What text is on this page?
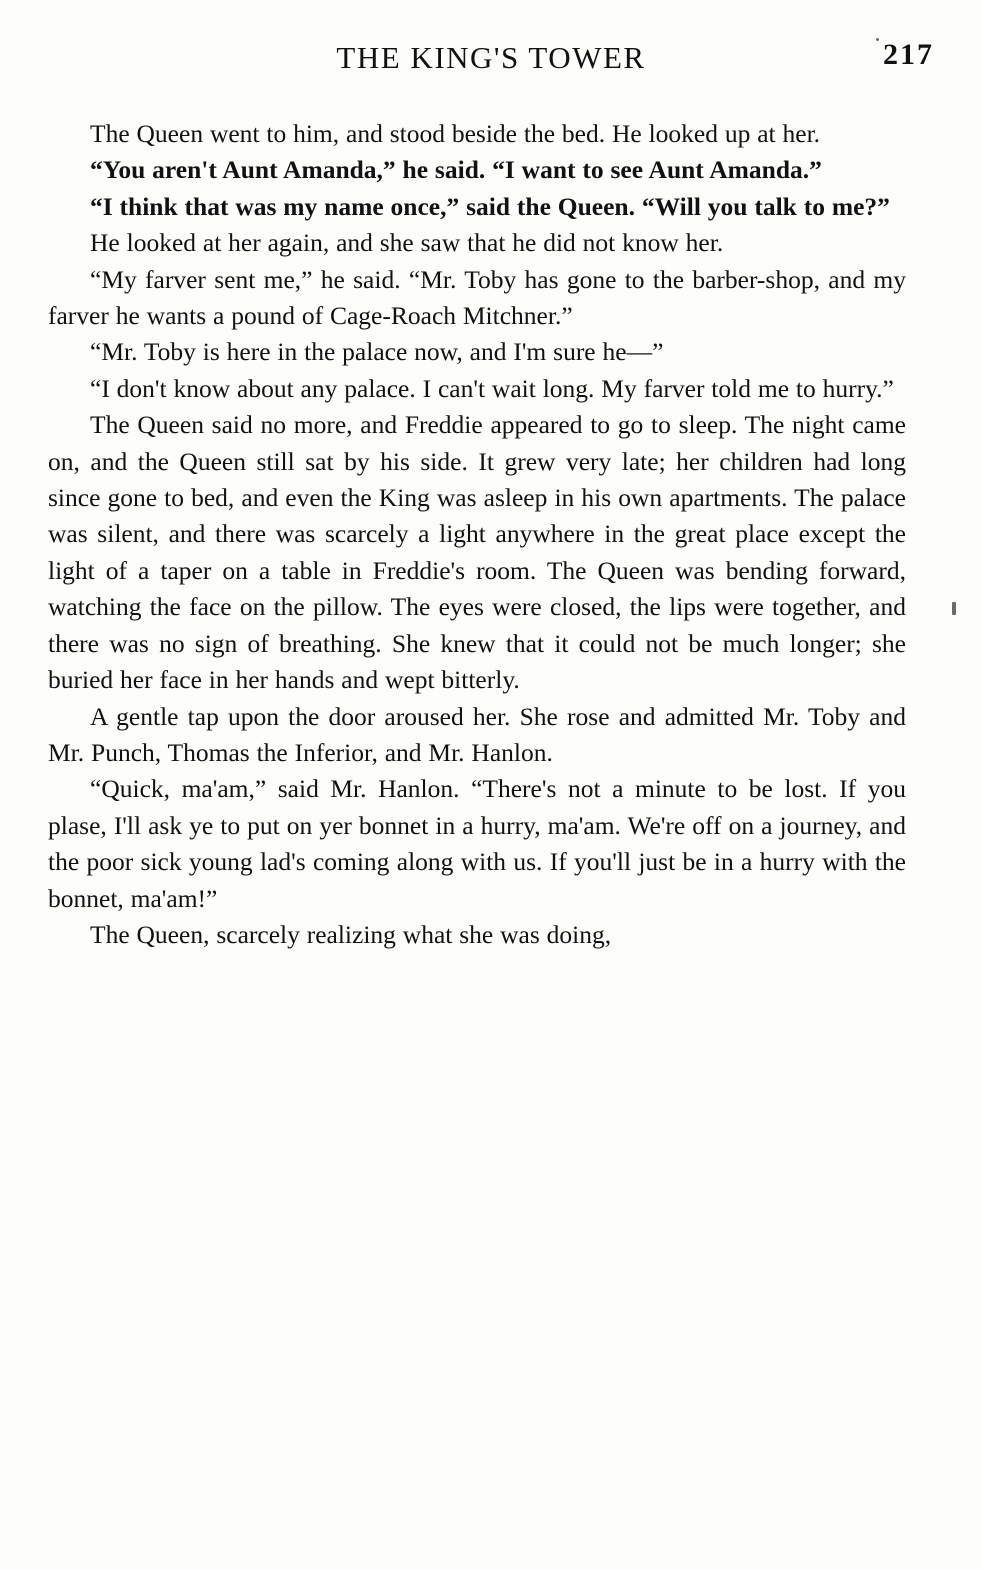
THE KING'S TOWER	217

The Queen went to him, and stood beside the bed. He looked up at her.

“You aren't Aunt Amanda,” he said. “I want to see Aunt Amanda.”

“I think that was my name once,” said the Queen. “Will you talk to me?”

He looked at her again, and she saw that he did not know her.

“My farver sent me,” he said. “Mr. Toby has gone to the barber-shop, and my farver he wants a pound of Cage-Roach Mitchner.”

“Mr. Toby is here in the palace now, and I'm sure he—”

“I don't know about any palace. I can't wait long. My farver told me to hurry.”

The Queen said no more, and Freddie appeared to go to sleep. The night came on, and the Queen still sat by his side. It grew very late; her children had long since gone to bed, and even the King was asleep in his own apartments. The palace was silent, and there was scarcely a light anywhere in the great place except the light of a taper on a table in Freddie's room. The Queen was bending forward, watching the face on the pillow. The eyes were closed, the lips were together, and there was no sign of breathing. She knew that it could not be much longer; she buried her face in her hands and wept bitterly.

A gentle tap upon the door aroused her. She rose and admitted Mr. Toby and Mr. Punch, Thomas the Inferior, and Mr. Hanlon.

“Quick, ma'am,” said Mr. Hanlon. “There's not a minute to be lost. If you plase, I'll ask ye to put on yer bonnet in a hurry, ma'am. We're off on a journey, and the poor sick young lad's coming along with us. If you'll just be in a hurry with the bonnet, ma'am!”

The Queen, scarcely realizing what she was doing,
